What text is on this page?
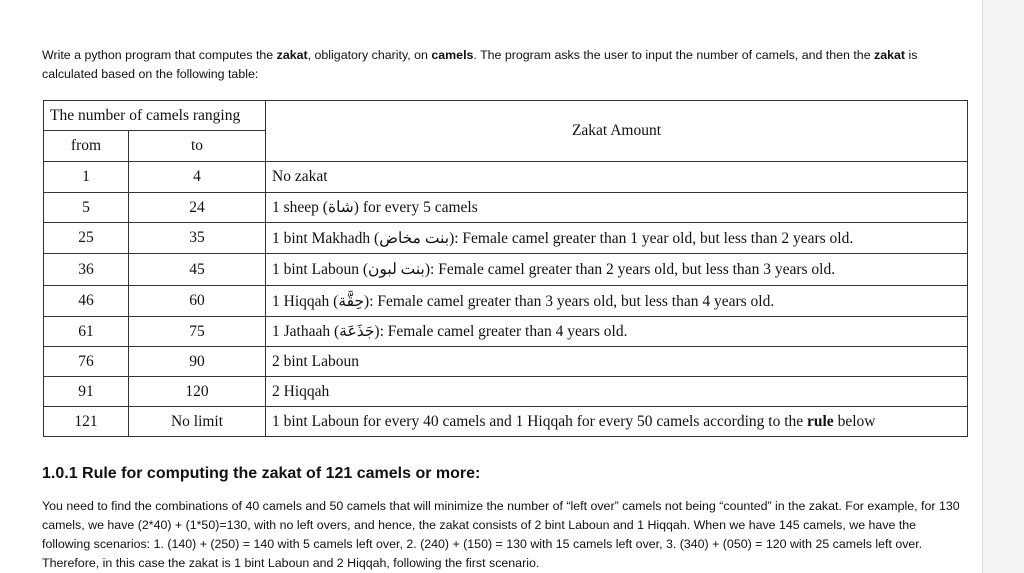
Write a python program that computes the zakat, obligatory charity, on camels. The program asks the user to input the number of camels, and then the zakat is calculated based on the following table:
The number of camels ranging		Zakat Amount
from	to	
1	4	No zakat
5	24	1 sheep (شاة) for every 5 camels
25	35	1 bint Makhadh (بنت مخاض): Female camel greater than 1 year old, but less than 2 years old.
36	45	1 bint Laboun (بنت لبون): Female camel greater than 2 years old, but less than 3 years old.
46	60	1 Hiqqah (حِقَّة): Female camel greater than 3 years old, but less than 4 years old.
61	75	1 Jathaah (جَذَعَة): Female camel greater than 4 years old.
76	90	2 bint Laboun
91	120	2 Hiqqah
121	No limit	1 bint Laboun for every 40 camels and 1 Hiqqah for every 50 camels according to the rule below
1.0.1 Rule for computing the zakat of 121 camels or more:
You need to find the combinations of 40 camels and 50 camels that will minimize the number of “left over” camels not being “counted” in the zakat. For example, for 130 camels, we have (2*40) + (1*50)=130, with no left overs, and hence, the zakat consists of 2 bint Laboun and 1 Hiqqah. When we have 145 camels, we have the following scenarios: 1. (140) + (250) = 140 with 5 camels left over, 2. (240) + (150) = 130 with 15 camels left over, 3. (340) + (050) = 120 with 25 camels left over. Therefore, in this case the zakat is 1 bint Laboun and 2 Hiqqah, following the first scenario.
